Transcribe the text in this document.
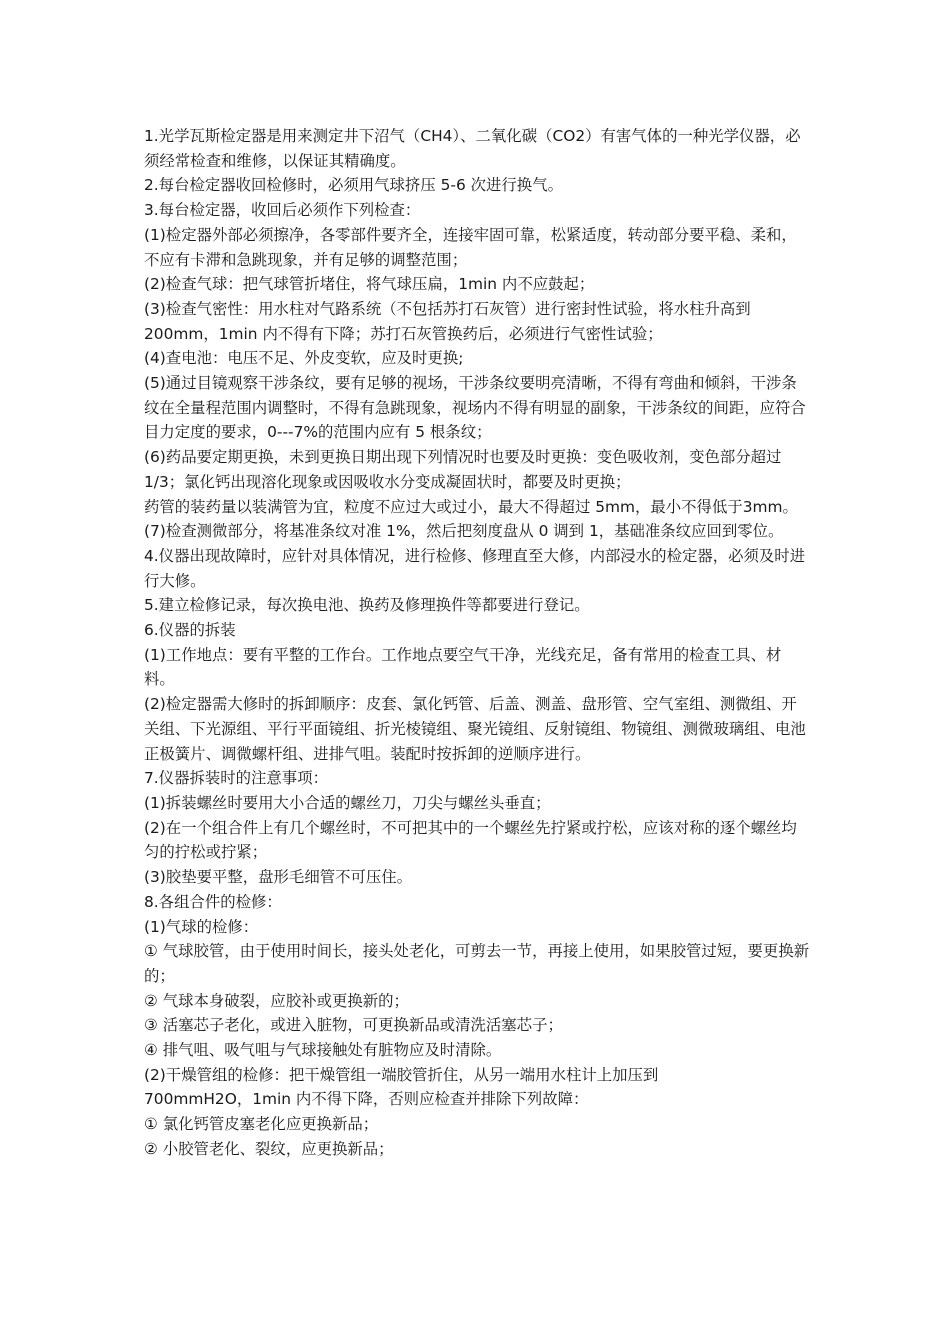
1.光学瓦斯检定器是用来测定井下沼气（CH4）、二氧化碳（CO2）有害气体的一种光学仪器，必须经常检查和维修，以保证其精确度。

2.每台检定器收回检修时，必须用气球挤压 5-6 次进行换气。

3.每台检定器，收回后必须作下列检查：

(1)检定器外部必须擦净，各零部件要齐全，连接牢固可靠，松紧适度，转动部分要平稳、柔和，不应有卡滞和急跳现象，并有足够的调整范围；

(2)检查气球：把气球管折堵住，将气球压扁，1min 内不应鼓起；

(3)检查气密性：用水柱对气路系统（不包括苏打石灰管）进行密封性试验，将水柱升高到200mm，1min 内不得有下降；苏打石灰管换药后，必须进行气密性试验；

(4)查电池：电压不足、外皮变软，应及时更换;

(5)通过目镜观察干涉条纹，要有足够的视场，干涉条纹要明亮清晰，不得有弯曲和倾斜，干涉条纹在全量程范围内调整时，不得有急跳现象，视场内不得有明显的副象，干涉条纹的间距，应符合目力定度的要求，0---7%的范围内应有 5 根条纹；

(6)药品要定期更换，未到更换日期出现下列情况时也要及时更换：变色吸收剂，变色部分超过 1/3；氯化钙出现溶化现象或因吸收水分变成凝固状时，都要及时更换；

药管的装药量以装满管为宜，粒度不应过大或过小，最大不得超过 5mm，最小不得低于3mm。

(7)检查测微部分，将基准条纹对准 1%，然后把刻度盘从 0 调到 1，基础准条纹应回到零位。

4.仪器出现故障时，应针对具体情况，进行检修、修理直至大修，内部浸水的检定器，必须及时进行大修。

5.建立检修记录，每次换电池、换药及修理换件等都要进行登记。

6.仪器的拆装

(1)工作地点：要有平整的工作台。工作地点要空气干净，光线充足，备有常用的检查工具、材料。

(2)检定器需大修时的拆卸顺序：皮套、氯化钙管、后盖、测盖、盘形管、空气室组、测微组、开关组、下光源组、平行平面镜组、折光棱镜组、聚光镜组、反射镜组、物镜组、测微玻璃组、电池正极簧片、调微螺杆组、进排气咀。装配时按拆卸的逆顺序进行。

7.仪器拆装时的注意事项：

(1)拆装螺丝时要用大小合适的螺丝刀，刀尖与螺丝头垂直；

(2)在一个组合件上有几个螺丝时，不可把其中的一个螺丝先拧紧或拧松，应该对称的逐个螺丝均匀的拧松或拧紧；

(3)胶垫要平整，盘形毛细管不可压住。

8.各组合件的检修：

(1)气球的检修：

① 气球胶管，由于使用时间长，接头处老化，可剪去一节，再接上使用，如果胶管过短，要更换新的；

② 气球本身破裂，应胶补或更换新的；

③ 活塞芯子老化，或进入脏物，可更换新品或清洗活塞芯子；

④ 排气咀、吸气咀与气球接触处有脏物应及时清除。

(2)干燥管组的检修：把干燥管组一端胶管折住，从另一端用水柱计上加压到

700mmH2O，1min 内不得下降，否则应检查并排除下列故障：

① 氯化钙管皮塞老化应更换新品；

② 小胶管老化、裂纹，应更换新品；
